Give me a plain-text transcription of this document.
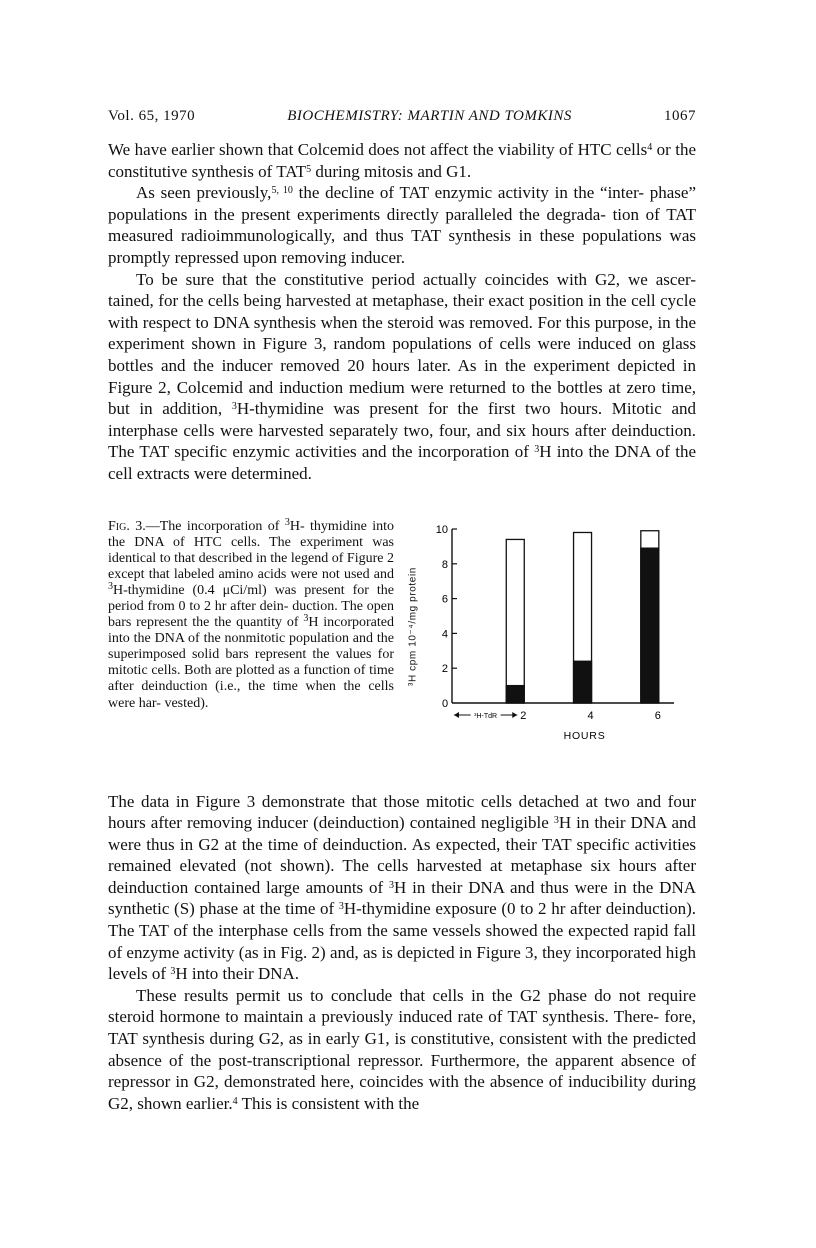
Vol. 65, 1970	BIOCHEMISTRY: MARTIN AND TOMKINS	1067

We have earlier shown that Colcemid does not affect the viability of HTC cells$^4$ or the constitutive synthesis of TAT$^5$ during mitosis and G1.

As seen previously,$^{5, 10}$ the decline of TAT enzymic activity in the “inter- phase” populations in the present experiments directly paralleled the degrada- tion of TAT measured radioimmunologically, and thus TAT synthesis in these populations was promptly repressed upon removing inducer.

To be sure that the constitutive period actually coincides with G2, we ascer- tained, for the cells being harvested at metaphase, their exact position in the cell cycle with respect to DNA synthesis when the steroid was removed. For this purpose, in the experiment shown in Figure 3, random populations of cells were induced on glass bottles and the inducer removed 20 hours later. As in the experiment depicted in Figure 2, Colcemid and induction medium were returned to the bottles at zero time, but in addition, $^3$H-thymidine was present for the first two hours. Mitotic and interphase cells were harvested separately two, four, and six hours after deinduction. The TAT specific enzymic activities and the incorporation of $^3$H into the DNA of the cell extracts were determined.

Fig. 3.—The incorporation of $^3$H- thymidine into the DNA of HTC cells. The experiment was identical to that described in the legend of Figure 2 except that labeled amino acids were not used and $^3$H-thymidine (0.4 μCi/ml) was present for the period from 0 to 2 hr after dein- duction. The open bars represent the the quantity of $^3$H incorporated into the DNA of the nonmitotic population and the superimposed solid bars represent the values for mitotic cells. Both are plotted as a function of time after deinduction (i.e., the time when the cells were har- vested).
³H cpm 10⁻⁴/mg protein 2
4
6
8
10
0
2	4	6
³H-TdR
HOURS

The data in Figure 3 demonstrate that those mitotic cells detached at two and four hours after removing inducer (deinduction) contained negligible $^3$H in their DNA and were thus in G2 at the time of deinduction. As expected, their TAT specific activities remained elevated (not shown). The cells harvested at metaphase six hours after deinduction contained large amounts of $^3$H in their DNA and thus were in the DNA synthetic (S) phase at the time of $^3$H-thymidine exposure (0 to 2 hr after deinduction). The TAT of the interphase cells from the same vessels showed the expected rapid fall of enzyme activity (as in Fig. 2) and, as is depicted in Figure 3, they incorporated high levels of $^3$H into their DNA.

These results permit us to conclude that cells in the G2 phase do not require steroid hormone to maintain a previously induced rate of TAT synthesis. There- fore, TAT synthesis during G2, as in early G1, is constitutive, consistent with the predicted absence of the post-transcriptional repressor. Furthermore, the apparent absence of repressor in G2, demonstrated here, coincides with the absence of inducibility during G2, shown earlier.$^4$ This is consistent with the
